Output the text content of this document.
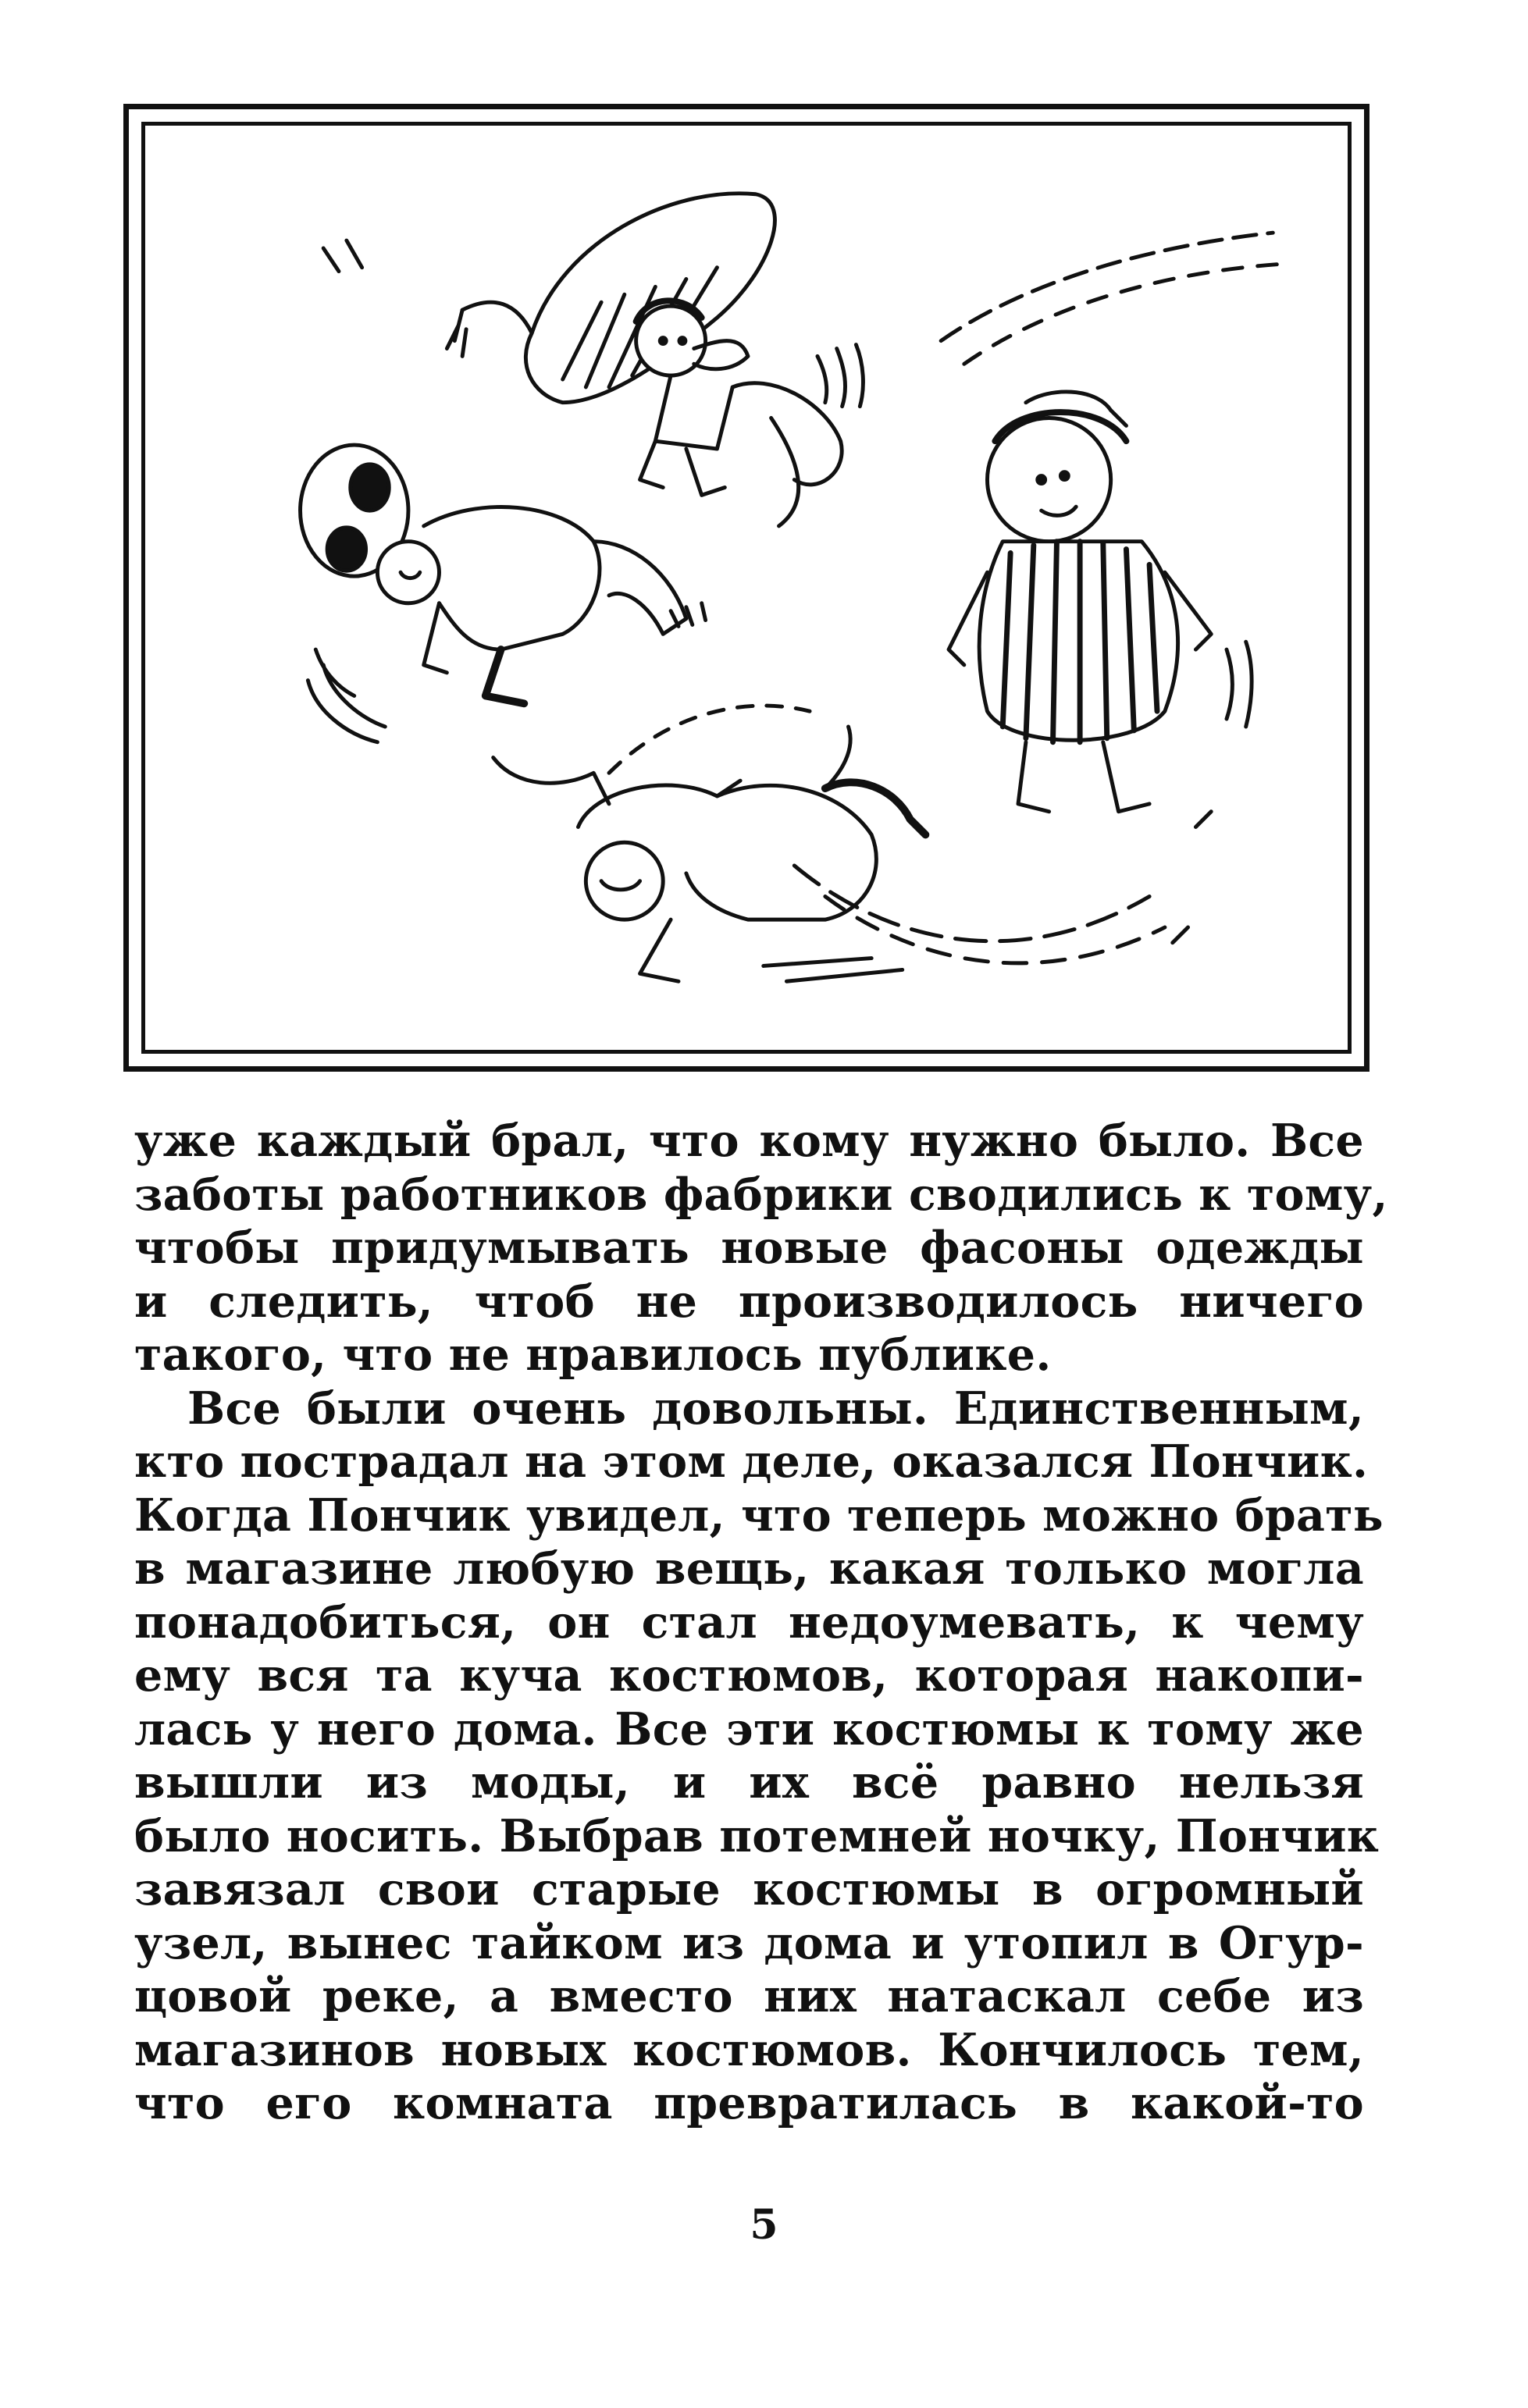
уже каждый брал, что кому нужно было. Все
заботы работников фабрики сводились к тому,
чтобы придумывать новые фасоны одежды
и следить, чтоб не производилось ничего
такого, что не нравилось публике.
Все были очень довольны. Единственным,
кто пострадал на этом деле, оказался Пончик.
Когда Пончик увидел, что теперь можно брать
в магазине любую вещь, какая только могла
понадобиться, он стал недоумевать, к чему
ему вся та куча костюмов, которая накопи-
лась у него дома. Все эти костюмы к тому же
вышли из моды, и их всё равно нельзя
было носить. Выбрав потемней ночку, Пончик
завязал свои старые костюмы в огромный
узел, вынес тайком из дома и утопил в Огур-
цовой реке, а вместо них натаскал себе из
магазинов новых костюмов. Кончилось тем,
что его комната превратилась в какой-то
5
